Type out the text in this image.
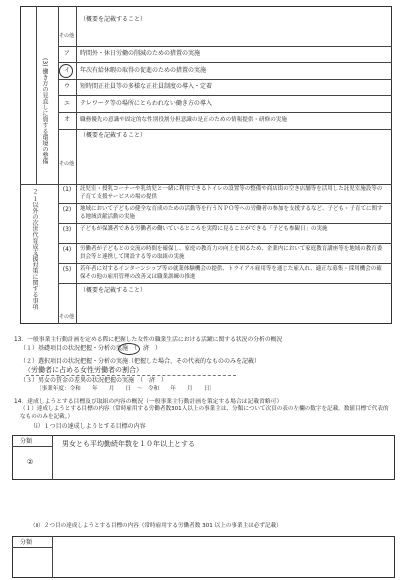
その他
（概要を記載すること）
(3) 働き方の見直しに資する環境の整備
ア	時間外・休日労働の削減のための措置の実施
イ	年次有給休暇の取得の促進のための措置の実施
ウ	短時間正社員等の多様な正社員制度の導入・定着
エ	テレワーク等の場所にとらわれない働き方の導入
オ	職務優先の意識や固定的な性別役割分担意識の是正のための情報提供・研修の実施
その他
（概要を記載すること）
２ １以外の次世代育成支援対策に関する事項	(1)	託児室・授乳コーナーや乳幼児と一緒に利用できるトイレの設置等の整備や商店街の空き店舗等を活用した託児室施設等の子育て支援サービスの場の提供
(2)	地域において子どもの健全な育成のための活動等を行うＮＰＯ等への労働者の参加を支援するなど、子ども・子育てに関する地域貢献活動の実施
(3)	子どもが保護者である労働者の働いているところを実際に見ることができる「子ども参観日」の実施
(4)	労働者が子どもとの交流の時間を確保し、家庭の教育力の向上を図るため、企業内において家庭教育講座等を地域の教育委員会等と連携して開設する等の取組の実施
(5)	若年者に対するインターンシップ等の就業体験機会の提供、トライアル雇用等を通じた雇入れ、適正な募集・採用機会の確保その他の雇用管理の改善又は職業訓練の推進
その他
（概要を記載すること）
13．一般事業主行動計画を定める際に把握した女性の職業生活における活躍に関する状況の分析の概況
（１）基礎項目の状況把握・分析の実施　（　済　）
（２）選択項目の状況把握・分析の実施（把握した場合、その代表的なもののみを記載）
（労働者に占める女性労働者の割合）
（３）男女の賃金の差異の状況把握の実施　（　済　）
〔事業年度：令和　　年　　月　　日　～　令和　　年　　月　　日〕
14．達成しようとする目標及び取組の内容の概況（一般事業主行動計画を策定する場合は記載省略可）
（１）達成しようとする目標の内容（常時雇用する労働者数301人以上の事業主は、分類について次頁の表の左欄の数字を記載。数値目標で代表的なもののみを記載。）
（ⅰ）１つ目の達成しようとする目標の内容
分類
②
男女とも平均勤続年数を１０年以上とする
（ⅱ）２つ目の達成しようとする目標の内容（常時雇用する労働者数 301 以上の事業主は必ず記載）
分類
